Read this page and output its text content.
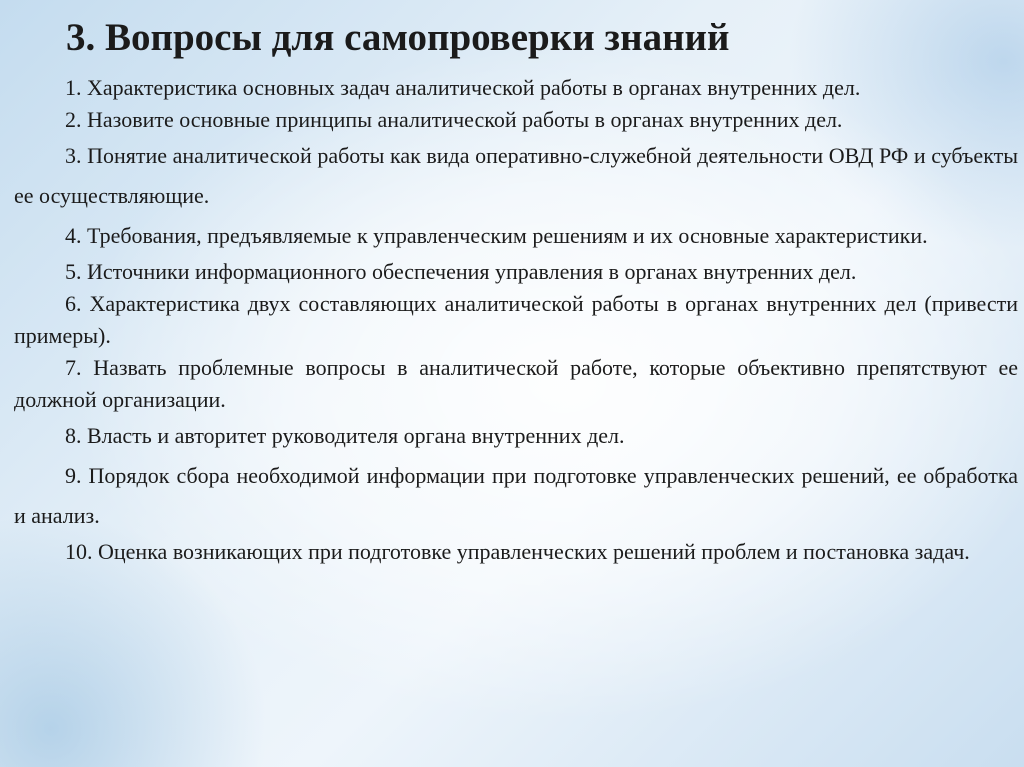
3. Вопросы для самопроверки знаний
1. Характеристика основных задач аналитической работы в органах внутренних дел.
2. Назовите основные принципы аналитической работы в органах внутренних дел.
3. Понятие аналитической работы как вида оперативно-служебной деятельности ОВД РФ и субъекты ее осуществляющие.
4. Требования, предъявляемые к управленческим решениям и их основные характеристики.
5. Источники информационного обеспечения управления в органах внутренних дел.
6. Характеристика двух составляющих аналитической работы в органах внутренних дел (привести примеры).
7. Назвать проблемные вопросы в аналитической работе, которые объективно препятствуют ее должной организации.
8. Власть и авторитет руководителя органа внутренних дел.
9. Порядок сбора необходимой информации при подготовке управленческих решений, ее обработка и анализ.
10. Оценка возникающих при подготовке управленческих решений проблем и постановка задач.
